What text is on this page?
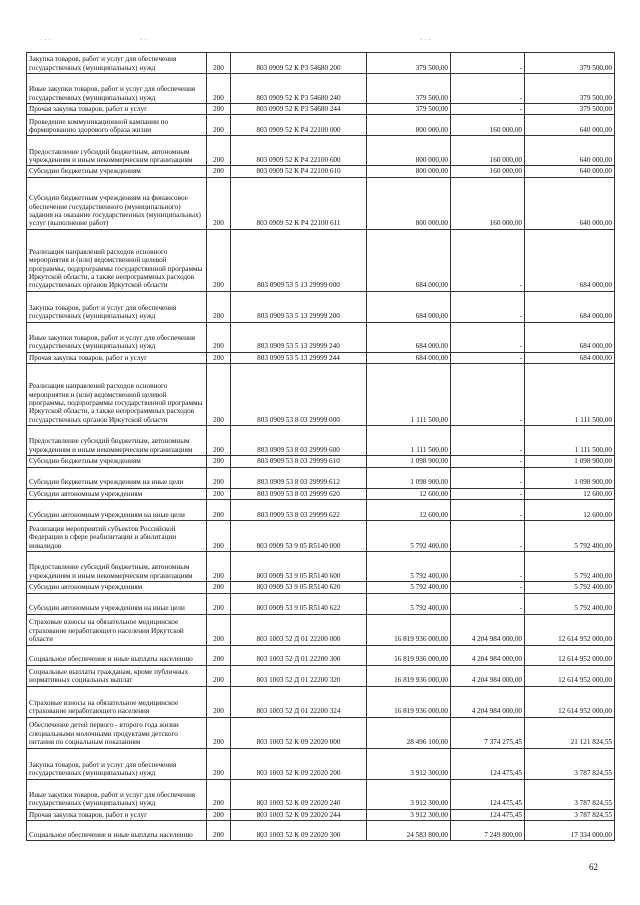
· · ·	· ·	· · ·
Закупка товаров, работ и услуг для обеспечения государственных (муниципальных) нужд	200	803 0909 52 К Р3 54680 200	379 500,00	-	379 500,00
Иные закупки товаров, работ и услуг для обеспечения государственных (муниципальных) нужд	200	803 0909 52 К Р3 54680 240	379 500,00	-	379 500,00
Прочая закупка товаров, работ и услуг	200	803 0909 52 К Р3 54680 244	379 500,00	-	379 500,00
Проведение коммуникационной кампании по формированию здорового образа жизни	200	803 0909 52 К Р4 22100 000	800 000,00	160 000,00	640 000,00
Предоставление субсидий бюджетным, автономным учреждениям и иным некоммерческим организациям	200	803 0909 52 К Р4 22100 600	800 000,00	160 000,00	640 000,00
Субсидии бюджетным учреждениям	200	803 0909 52 К Р4 22100 610	800 000,00	160 000,00	640 000,00
Субсидии бюджетным учреждениям на финансовое обеспечение государственного (муниципального) задания на оказание государственных (муниципальных) услуг (выполнение работ)	200	803 0909 52 К Р4 22100 611	800 000,00	160 000,00	640 000,00
Реализация направлений расходов основного мероприятия и (или) ведомственной целевой программы, подпрограммы государственной программы Иркутской области, а также непрограммных расходов государственных органов Иркутской области	200	803 0909 53 5 13 29999 000	684 000,00	-	684 000,00
Закупка товаров, работ и услуг для обеспечения государственных (муниципальных) нужд	200	803 0909 53 5 13 29999 200	684 000,00	-	684 000,00
Иные закупки товаров, работ и услуг для обеспечения государственных (муниципальных) нужд	200	803 0909 53 5 13 29999 240	684 000,00	-	684 000,00
Прочая закупка товаров, работ и услуг	200	803 0909 53 5 13 29999 244	684 000,00	-	684 000,00
Реализация направлений расходов основного мероприятия и (или) ведомственной целевой программы, подпрограммы государственной программы Иркутской области, а также непрограммных расходов государственных органов Иркутской области	200	803 0909 53 8 03 29999 000	1 111 500,00	-	1 111 500,00
Предоставление субсидий бюджетным, автономным учреждениям и иным некоммерческим организациям	200	803 0909 53 8 03 29999 600	1 111 500,00	-	1 111 500,00
Субсидии бюджетным учреждениям	200	803 0909 53 8 03 29999 610	1 098 900,00	-	1 098 900,00
Субсидии бюджетным учреждениям на иные цели	200	803 0909 53 8 03 29999 612	1 098 900,00	-	1 098 900,00
Субсидии автономным учреждениям	200	803 0909 53 8 03 29999 620	12 600,00	-	12 600,00
Субсидии автономным учреждениям на иные цели	200	803 0909 53 8 03 29999 622	12 600,00	-	12 600,00
Реализация мероприятий субъектов Российской Федерации в сфере реабилитации и абилитации инвалидов	200	803 0909 53 9 05 R5140 000	5 792 400,00	-	5 792 400,00
Предоставление субсидий бюджетным, автономным учреждениям и иным некоммерческим организациям	200	803 0909 53 9 05 R5140 600	5 792 400,00	-	5 792 400,00
Субсидии автономным учреждениям	200	803 0909 53 9 05 R5140 620	5 792 400,00	-	5 792 400,00
Субсидии автономным учреждениям на иные цели	200	803 0909 53 9 05 R5140 622	5 792 400,00	-	5 792 400,00
Страховые взносы на обязательное медицинское страхование неработающего населения Иркутской области	200	803 1003 52 Д 01 22200 000	16 819 936 000,00	4 204 984 000,00	12 614 952 000,00
Социальное обеспечение и иные выплаты населению	200	803 1003 52 Д 01 22200 300	16 819 936 000,00	4 204 984 000,00	12 614 952 000,00
Социальные выплаты гражданам, кроме публичных нормативных социальных выплат	200	803 1003 52 Д 01 22200 320	16 819 936 000,00	4 204 984 000,00	12 614 952 000,00
Страховые взносы на обязательное медицинское страхование неработающего населения	200	803 1003 52 Д 01 22200 324	16 819 936 000,00	4 204 984 000,00	12 614 952 000,00
Обеспечение детей первого - второго года жизни специальными молочными продуктами детского питания по социальным показаниям	200	803 1003 52 К 09 22020 000	28 496 100,00	7 374 275,45	21 121 824,55
Закупка товаров, работ и услуг для обеспечения государственных (муниципальных) нужд	200	803 1003 52 К 09 22020 200	3 912 300,00	124 475,45	3 787 824,55
Иные закупки товаров, работ и услуг для обеспечения государственных (муниципальных) нужд	200	803 1003 52 К 09 22020 240	3 912 300,00	124 475,45	3 787 824,55
Прочая закупка товаров, работ и услуг	200	803 1003 52 К 09 22020 244	3 912 300,00	124 475,45	3 787 824,55
Социальное обеспечение и иные выплаты населению	200	803 1003 52 К 09 22020 300	24 583 800,00	7 249 800,00	17 334 000,00
62
